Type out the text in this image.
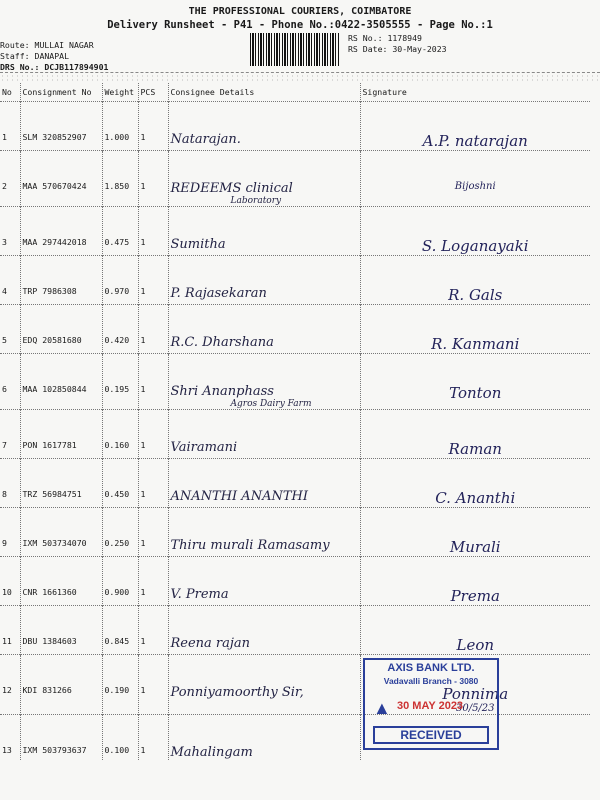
THE PROFESSIONAL COURIERS, COIMBATORE
Delivery Runsheet - P41 - Phone No.:0422-3505555 - Page No.:1
Route: MULLAI NAGAR
Staff: DANAPAL
DRS No.: DCJB117894901
RS No.: 1178949
RS Date: 30-May-2023
No	Consignment No	Weight	PCS	Consignee Details	Signature
1	SLM 320852907	1.000	1	Natarajan.	A.P. natarajan

2	MAA 570670424	1.850	1	REDEEMS clinical
Laboratory	Bijoshni

3	MAA 297442018	0.475	1	Sumitha	S. Loganayaki

4	TRP 7986308	0.970	1	P. Rajasekaran	R. Gals

5	EDQ 20581680	0.420	1	R.C. Dharshana	R. Kanmani

6	MAA 102850844	0.195	1	Shri Ananphass
Agros Dairy Farm	Tonton

7	PON 1617781	0.160	1	Vairamani	Raman

8	TRZ 56984751	0.450	1	ANANTHI ANANTHI	C. Ananthi

9	IXM 503734070	0.250	1	Thiru murali Ramasamy	Murali

10	CNR 1661360	0.900	1	V. Prema	Prema

11	DBU 1384603	0.845	1	Reena rajan	Leon

12	KDI 831266	0.190	1	Ponniyamoorthy Sir,	Ponnima
30/5/23

13	IXM 503793637	0.100	1	Mahalingam	

AXIS BANK LTD.
Vadavalli Branch - 3080
▲ 30 MAY 2023
RECEIVED
